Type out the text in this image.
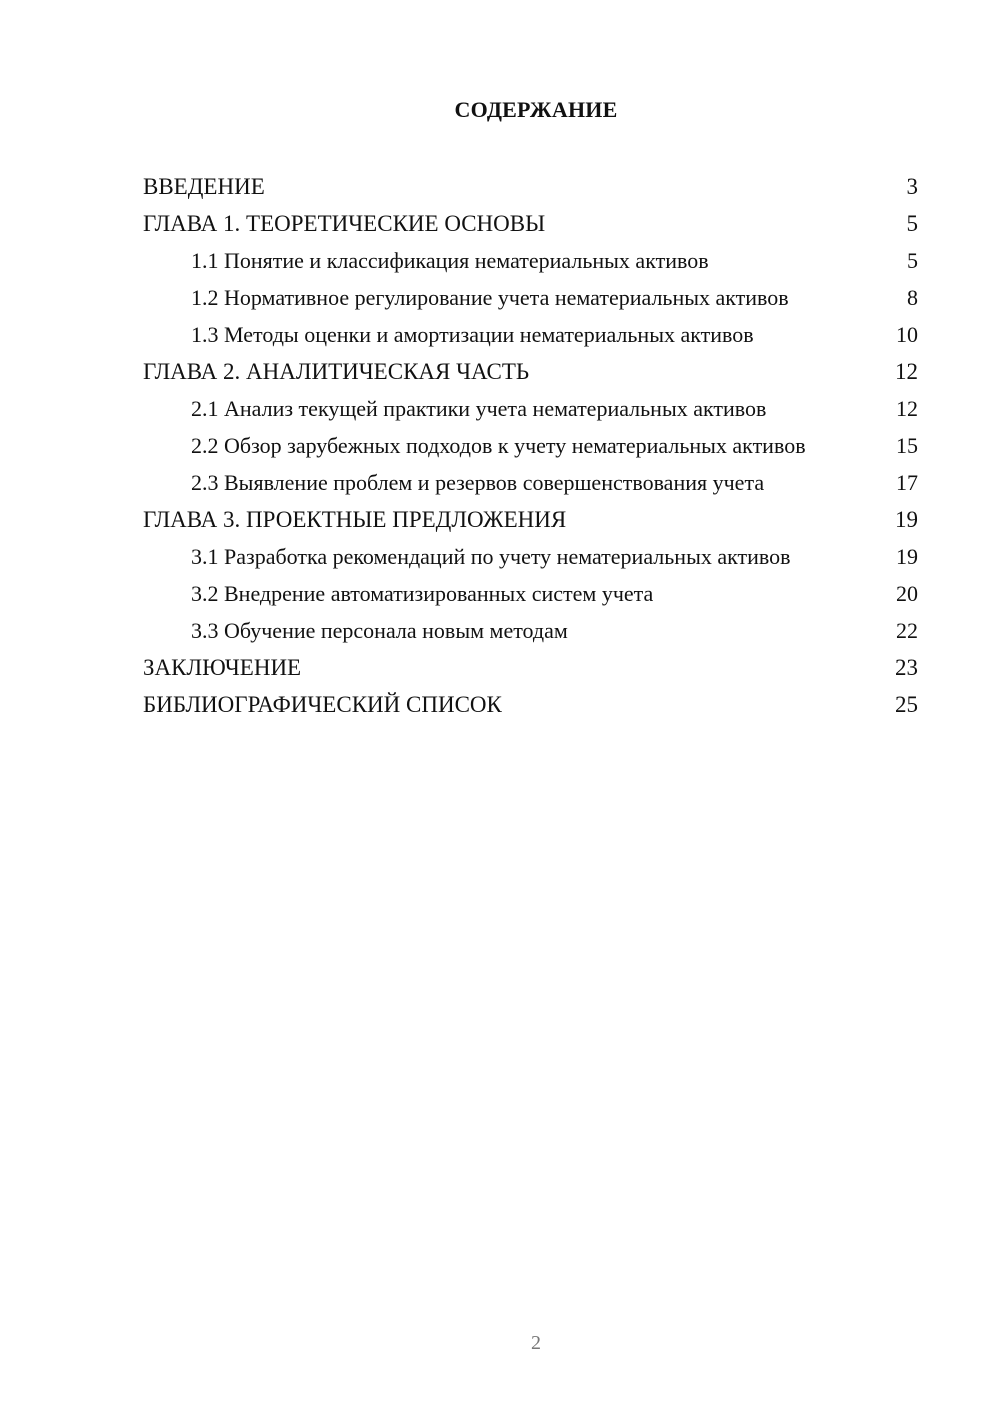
СОДЕРЖАНИЕ
ВВЕДЕНИЕ	3
ГЛАВА 1. ТЕОРЕТИЧЕСКИЕ ОСНОВЫ	5
1.1 Понятие и классификация нематериальных активов	5
1.2 Нормативное регулирование учета нематериальных активов	8
1.3 Методы оценки и амортизации нематериальных активов	10
ГЛАВА 2. АНАЛИТИЧЕСКАЯ ЧАСТЬ	12
2.1 Анализ текущей практики учета нематериальных активов	12
2.2 Обзор зарубежных подходов к учету нематериальных активов	15
2.3 Выявление проблем и резервов совершенствования учета	17
ГЛАВА 3. ПРОЕКТНЫЕ ПРЕДЛОЖЕНИЯ	19
3.1 Разработка рекомендаций по учету нематериальных активов	19
3.2 Внедрение автоматизированных систем учета	20
3.3 Обучение персонала новым методам	22
ЗАКЛЮЧЕНИЕ	23
БИБЛИОГРАФИЧЕСКИЙ СПИСОК	25
2
